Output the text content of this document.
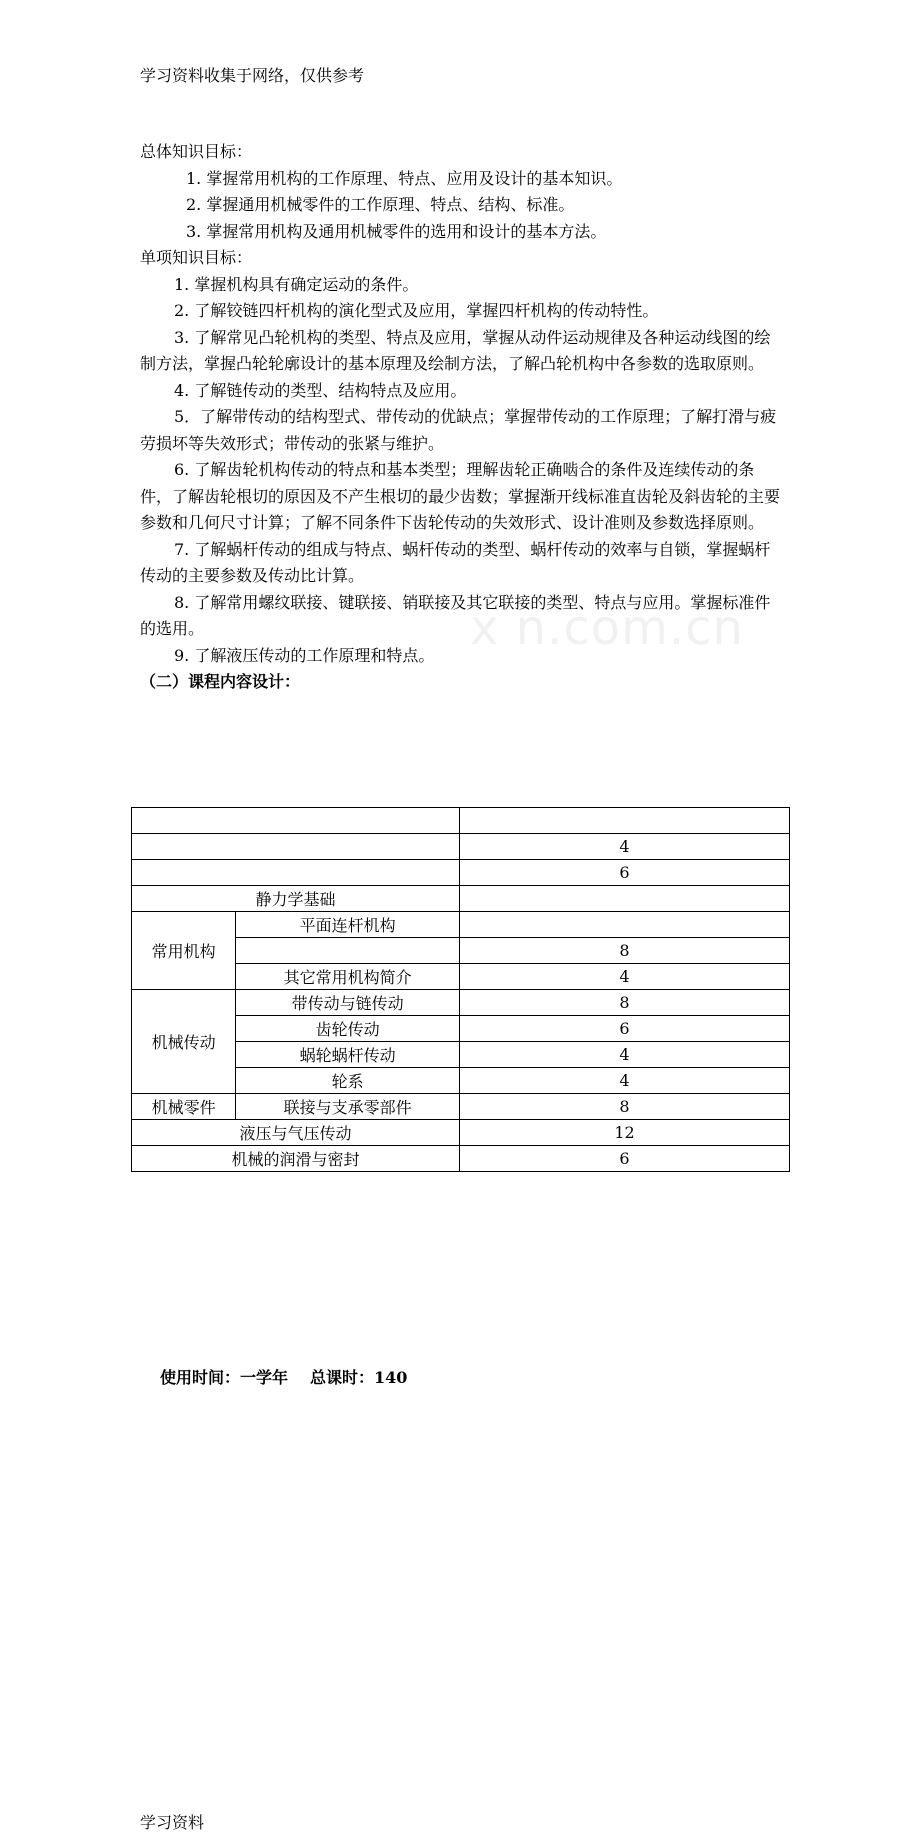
x n.com.cn
学习资料收集于网络，仅供参考

总体知识目标：

1. 掌握常用机构的工作原理、特点、应用及设计的基本知识。

2. 掌握通用机械零件的工作原理、特点、结构、标准。

3. 掌握常用机构及通用机械零件的选用和设计的基本方法。

单项知识目标：

1. 掌握机构具有确定运动的条件。

2. 了解铰链四杆机构的演化型式及应用，掌握四杆机构的传动特性。

3. 了解常见凸轮机构的类型、特点及应用，掌握从动件运动规律及各种运动线图的绘制方法，掌握凸轮轮廓设计的基本原理及绘制方法，了解凸轮机构中各参数的选取原则。

4. 了解链传动的类型、结构特点及应用。

5．了解带传动的结构型式、带传动的优缺点；掌握带传动的工作原理；了解打滑与疲劳损坏等失效形式；带传动的张紧与维护。

6. 了解齿轮机构传动的特点和基本类型；理解齿轮正确啮合的条件及连续传动的条件，了解齿轮根切的原因及不产生根切的最少齿数；掌握渐开线标准直齿轮及斜齿轮的主要参数和几何尺寸计算；了解不同条件下齿轮传动的失效形式、设计准则及参数选择原则。

7. 了解蜗杆传动的组成与特点、蜗杆传动的类型、蜗杆传动的效率与自锁，掌握蜗杆传动的主要参数及传动比计算。

8. 了解常用螺纹联接、键联接、销联接及其它联接的类型、特点与应用。掌握标准件的选用。

9. 了解液压传动的工作原理和特点。

（二）课程内容设计：

使用时间：一学年 总课时：140

		4
		6
静力学基础		
常用机构	平面连杆机构	
		8
	其它常用机构简介	4
机械传动	带传动与链传动	8
	齿轮传动	6
	蜗轮蜗杆传动	4
	轮系	4
机械零件	联接与支承零部件	8
液压与气压传动		12
机械的润滑与密封		6
学习资料
